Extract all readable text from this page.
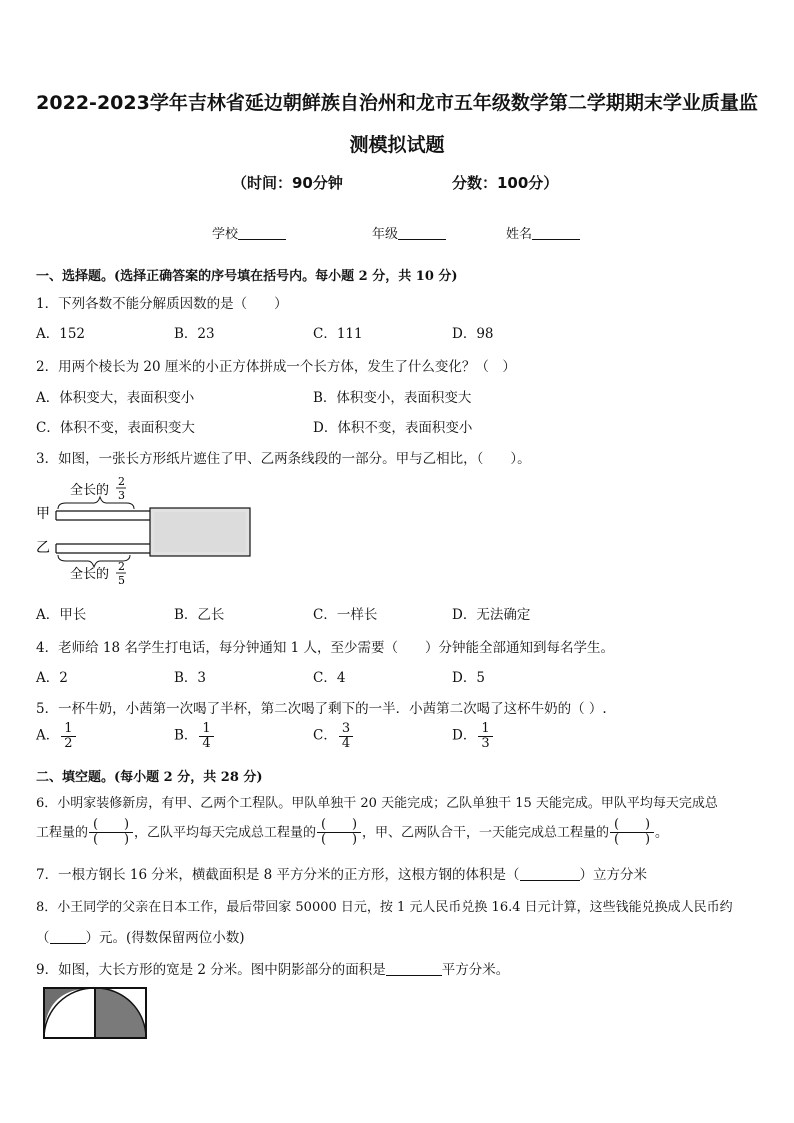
2022-2023学年吉林省延边朝鲜族自治州和龙市五年级数学第二学期期末学业质量监
测模拟试题
（时间：90分钟	分数：100分）
学校	年级	姓名
一、选择题。(选择正确答案的序号填在括号内。每小题 2 分，共 10 分)
1．下列各数不能分解质因数的是（　　）
A．152	B．23	C．111	D．98
2．用两个棱长为 20 厘米的小正方体拼成一个长方体，发生了什么变化？（　）
A．体积变大，表面积变小	B．体积变小，表面积变大
C．体积不变，表面积变大	D．体积不变，表面积变小
3．如图，一张长方形纸片遮住了甲、乙两条线段的一部分。甲与乙相比，（　　）。
甲
乙
全长的
2
3
全长的
2
5
A．甲长	B．乙长	C．一样长	D．无法确定
4．老师给 18 名学生打电话，每分钟通知 1 人，至少需要（　　）分钟能全部通知到每名学生。
A．2	B．3	C．4	D．5
5．一杯牛奶，小茜第一次喝了半杯，第二次喝了剩下的一半．小茜第二次喝了这杯牛奶的（ ）.
A． $\frac{1}{2}$	B． $\frac{1}{4}$	C． $\frac{3}{4}$	D． $\frac{1}{3}$
二、填空题。(每小题 2 分，共 28 分)
6．小明家装修新房，有甲、乙两个工程队。甲队单独干 20 天能完成；乙队单独干 15 天能完成。甲队平均每天完成总
工程量的
(   )
(   ) ，乙队平均每天完成总工程量的
(   )
(   ) ，甲、乙两队合干，一天能完成总工程量的
(   )
(   ) 。
7．一根方钢长 16 分米，横截面积是 8 平方分米的正方形，这根方钢的体积是（	）立方分米
8．小王同学的父亲在日本工作，最后带回家 50000 日元，按 1 元人民币兑换 16.4 日元计算，这些钱能兑换成人民币约
（	）元。(得数保留两位小数)
9．如图，大长方形的宽是 2 分米。图中阴影部分的面积是	平方分米。
